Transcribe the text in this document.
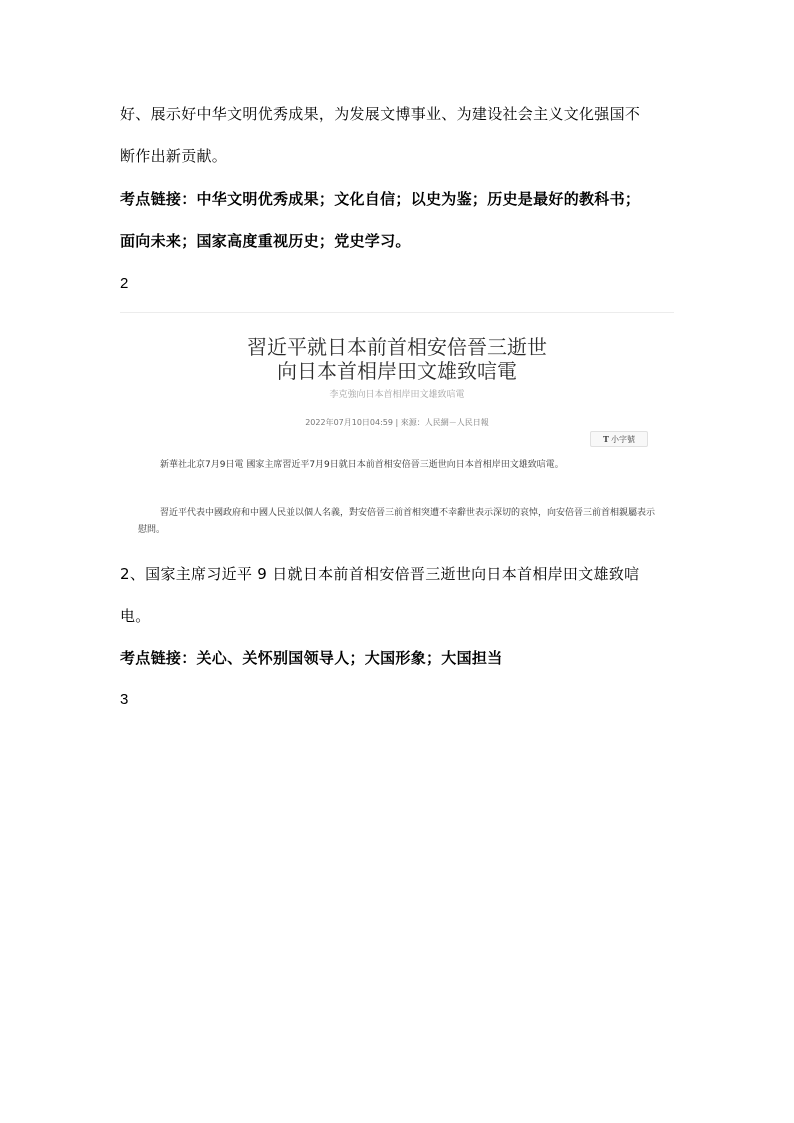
好、展示好中华文明优秀成果，为发展文博事业、为建设社会主义文化强国不
断作出新贡献。
考点链接：中华文明优秀成果；文化自信；以史为鉴；历史是最好的教科书；
面向未来；国家高度重视历史；党史学习。
2
習近平就日本前首相安倍晉三逝世
向日本首相岸田文雄致唁電
李克強向日本首相岸田文雄致唁電
2022年07月10日04:59 | 來源：人民網－人民日報
T 小字號
新華社北京7月9日電 國家主席習近平7月9日就日本前首相安倍晉三逝世向日本首相岸田文雄致唁電。
習近平代表中國政府和中國人民並以個人名義，對安倍晉三前首相突遭不幸辭世表示深切的哀悼，向安倍晉三前首相親屬表示慰問。
2、国家主席习近平 9 日就日本前首相安倍晋三逝世向日本首相岸田文雄致唁
电。
考点链接：关心、关怀别国领导人；大国形象；大国担当
3
